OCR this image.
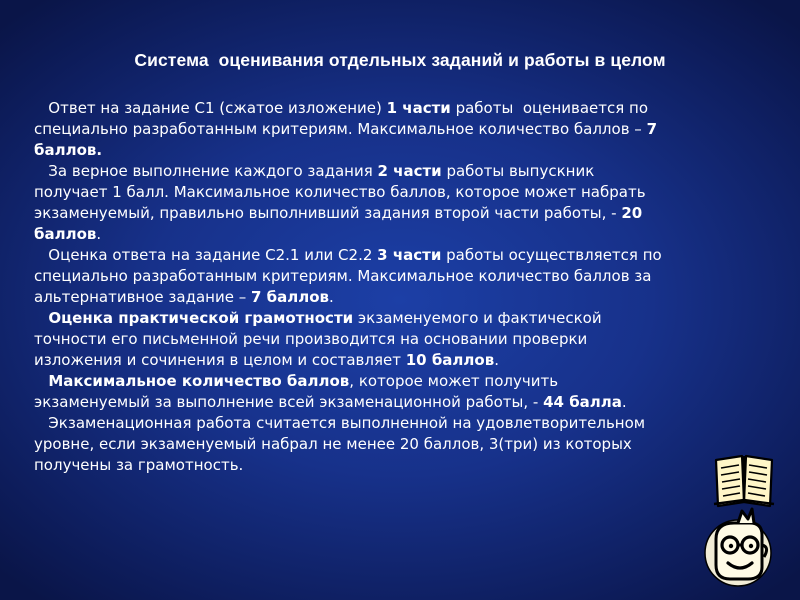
Система  оценивания отдельных заданий и работы в целом
Ответ на задание С1 (сжатое изложение) 1 части работы  оценивается по
специально разработанным критериям. Максимальное количество баллов – 7
баллов.
За верное выполнение каждого задания 2 части работы выпускник
получает 1 балл. Максимальное количество баллов, которое может набрать
экзаменуемый, правильно выполнивший задания второй части работы, - 20
баллов.
Оценка ответа на задание С2.1 или С2.2 3 части работы осуществляется по
специально разработанным критериям. Максимальное количество баллов за
альтернативное задание – 7 баллов.
Оценка практической грамотности экзаменуемого и фактической
точности его письменной речи производится на основании проверки
изложения и сочинения в целом и составляет 10 баллов.
Максимальное количество баллов, которое может получить
экзаменуемый за выполнение всей экзаменационной работы, - 44 балла.
Экзаменационная работа считается выполненной на удовлетворительном
уровне, если экзаменуемый набрал не менее 20 баллов, 3(три) из которых
получены за грамотность.
